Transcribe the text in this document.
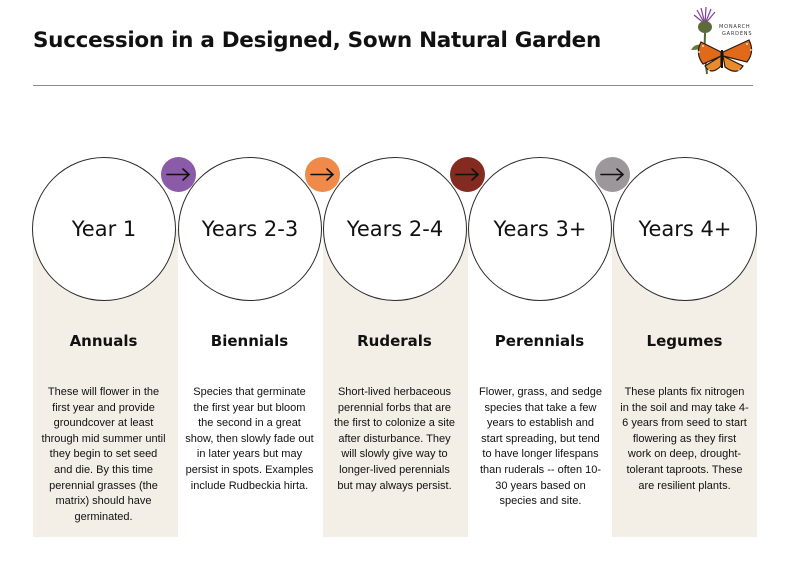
Succession in a Designed, Sown Natural Garden
MONARCH
GARDENS
Year 1	Years 2-3 Years 2-4 Years 3+ Years 4+
Annuals	Biennials	Ruderals	Perennials	Legumes
These will flower in the first year and provide groundcover at least through mid summer until they begin to set seed and die. By this time perennial grasses (the matrix) should have germinated.
Species that germinate the first year but bloom the second in a great show, then slowly fade out in later years but may persist in spots. Examples include Rudbeckia hirta.
Short-lived herbaceous perennial forbs that are the first to colonize a site after disturbance. They will slowly give way to longer-lived perennials but may always persist.
Flower, grass, and sedge species that take a few years to establish and start spreading, but tend to have longer lifespans than ruderals -- often 10-30 years based on species and site.
These plants fix nitrogen in the soil and may take 4-6 years from seed to start flowering as they first work on deep, drought-tolerant taproots. These are resilient plants.
